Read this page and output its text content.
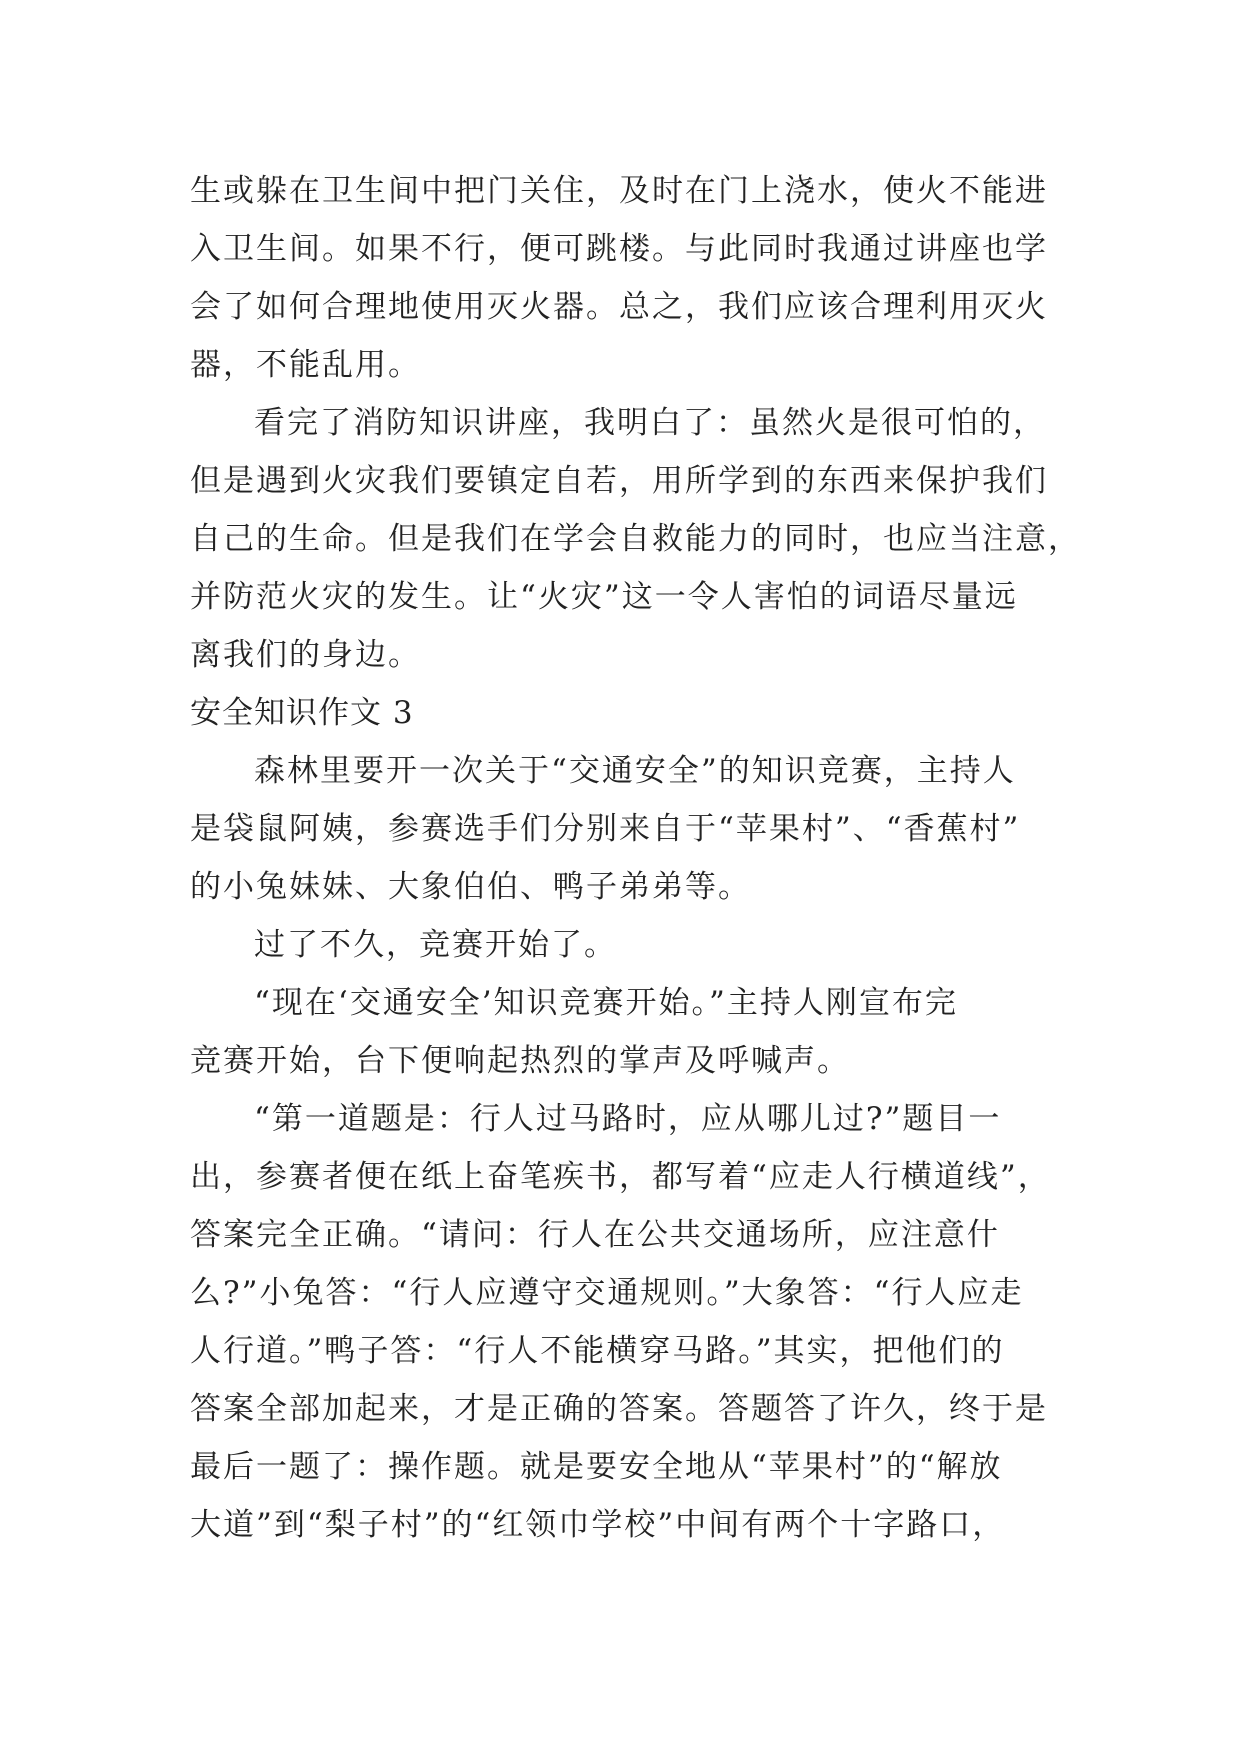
生或躲在卫生间中把门关住，及时在门上浇水，使火不能进
入卫生间。如果不行，便可跳楼。与此同时我通过讲座也学
会了如何合理地使用灭火器。总之，我们应该合理利用灭火
器，不能乱用。
看完了消防知识讲座，我明白了：虽然火是很可怕的，
但是遇到火灾我们要镇定自若，用所学到的东西来保护我们
自己的生命。但是我们在学会自救能力的同时，也应当注意，
并防范火灾的发生。让“火灾”这一令人害怕的词语尽量远
离我们的身边。
安全知识作文 3
森林里要开一次关于“交通安全”的知识竞赛，主持人
是袋鼠阿姨，参赛选手们分别来自于“苹果村”、“香蕉村”
的小兔妹妹、大象伯伯、鸭子弟弟等。
过了不久，竞赛开始了。
“现在‘交通安全’知识竞赛开始。”主持人刚宣布完
竞赛开始，台下便响起热烈的掌声及呼喊声。
“第一道题是：行人过马路时，应从哪儿过?”题目一
出，参赛者便在纸上奋笔疾书，都写着“应走人行横道线”，
答案完全正确。“请问：行人在公共交通场所，应注意什
么?”小兔答：“行人应遵守交通规则。”大象答：“行人应走
人行道。”鸭子答：“行人不能横穿马路。”其实，把他们的
答案全部加起来，才是正确的答案。答题答了许久，终于是
最后一题了：操作题。就是要安全地从“苹果村”的“解放
大道”到“梨子村”的“红领巾学校”中间有两个十字路口，
